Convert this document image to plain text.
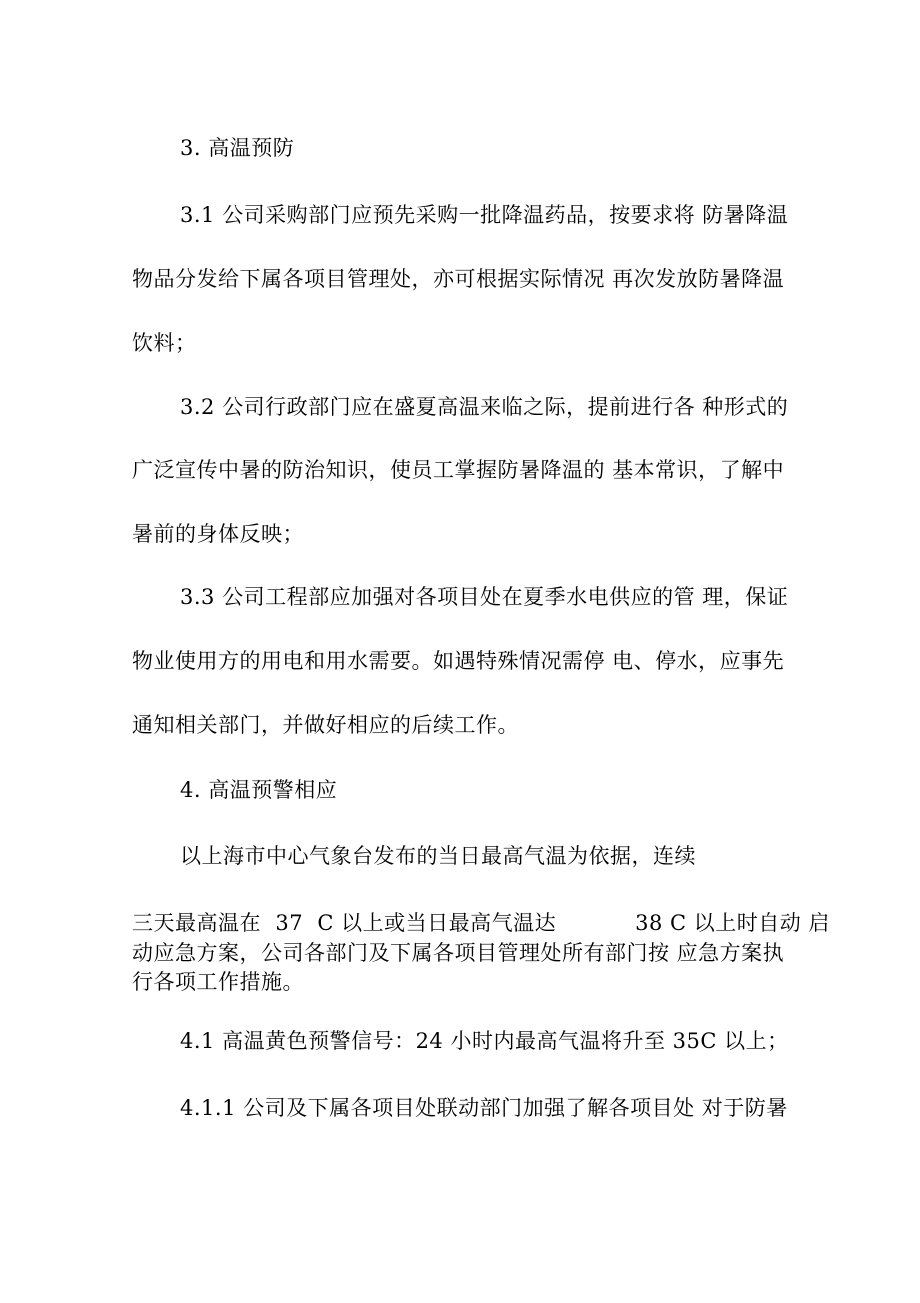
3. 高温预防
3.1 公司采购部门应预先采购一批降温药品，按要求将 防暑降温
物品分发给下属各项目管理处，亦可根据实际情况 再次发放防暑降温
饮料；
3.2 公司行政部门应在盛夏高温来临之际，提前进行各 种形式的
广泛宣传中暑的防治知识，使员工掌握防暑降温的 基本常识，了解中
暑前的身体反映；
3.3 公司工程部应加强对各项目处在夏季水电供应的管 理，保证
物业使用方的用电和用水需要。如遇特殊情况需停 电、停水，应事先
通知相关部门，并做好相应的后续工作。
4. 高温预警相应
以上海市中心气象台发布的当日最高气温为依据，连续
三天最高温在  37  C 以上或当日最高气温达           38 C 以上时自动 启
动应急方案，公司各部门及下属各项目管理处所有部门按 应急方案执
行各项工作措施。
4.1 高温黄色预警信号：24 小时内最高气温将升至 35C 以上；
4.1.1 公司及下属各项目处联动部门加强了解各项目处 对于防暑
